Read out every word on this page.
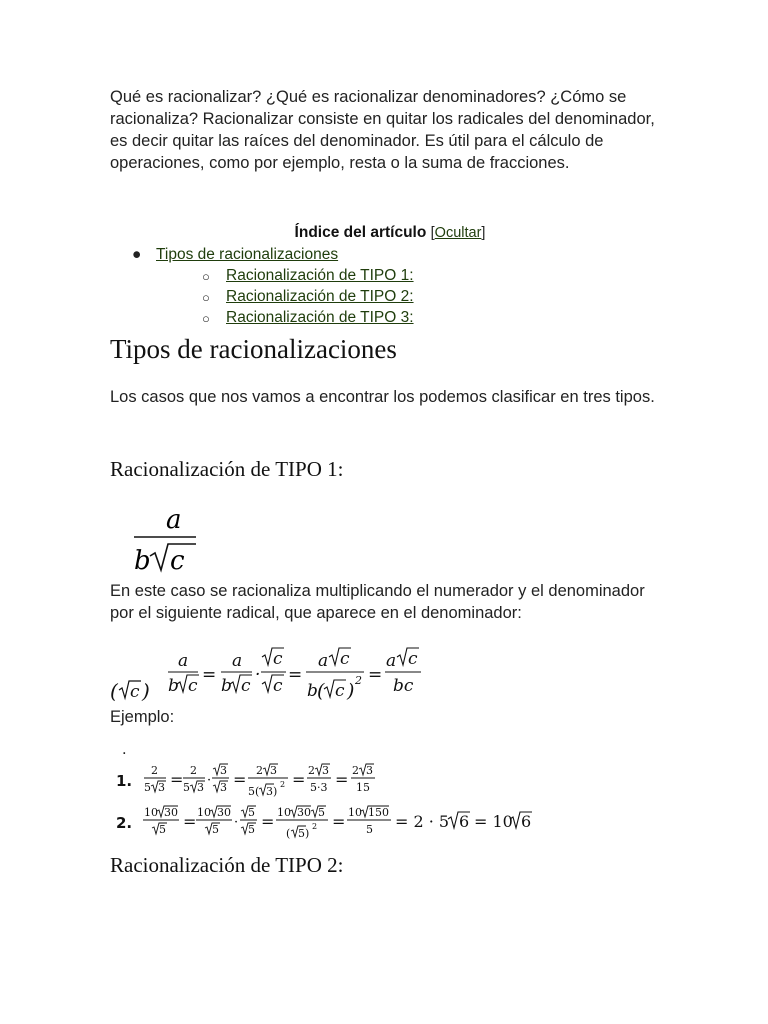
Qué es racionalizar? ¿Qué es racionalizar denominadores? ¿Cómo se racionaliza? Racionalizar consiste en quitar los radicales del denominador, es decir quitar las raíces del denominador. Es útil para el cálculo de operaciones, como por ejemplo, resta o la suma de fracciones.

Índice del artículo [Ocultar]
● Tipos de racionalizaciones
○ Racionalización de TIPO 1:
○ Racionalización de TIPO 2:
○ Racionalización de TIPO 3:
Tipos de racionalizaciones

Los casos que nos vamos a encontrar los podemos clasificar en tres tipos.

Racionalización de TIPO 1:
a
b c

En este caso se racionaliza multiplicando el numerador y el denominador por el siguiente radical, que aparece en el denominador:

( c )
a
b c
=
a
b c
·
c
c
=
a c
b ( c ) 2 =
a c
bc

Ejemplo:

.

1.
2
5 3 = 2
5 3 ·
3
3 = 2 3
5( 3)
2 = 2 3
5·3 = 2 3
15
2.
10 30
5 = 10 30
5 ·
5
5 = 10 30 5
( 5)
2 = 10 150
5 = 2 · 5 6 = 10 6
Racionalización de TIPO 2:
